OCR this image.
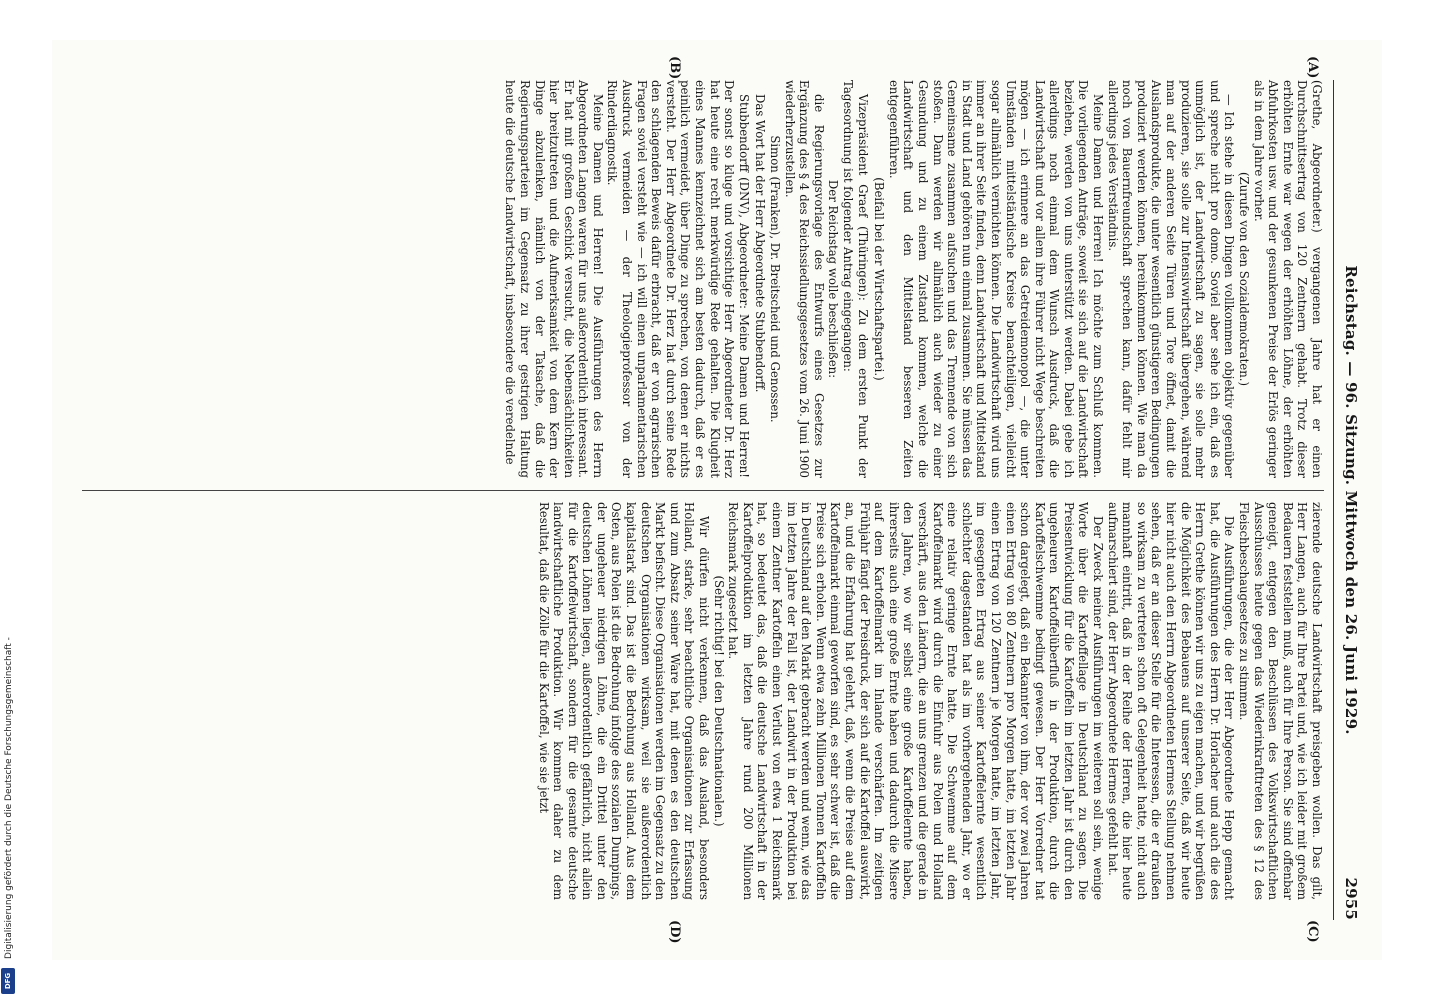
Reichstag. — 96. Sitzung. Mittwoch den 26. Juni 1929.
2955
(A)
(B)
(C)
(D)

(Grethe, Abgeordneter.) vergangenen Jahre hat er einen Durchschnittsertrag von 120 Zentnern gehabt. Trotz dieser erhöhten Ernte war wegen der erhöhten Löhne, der erhöhten Abfuhrkosten usw. und der gesunkenen Preise der Erlös geringer als in dem Jahre vorher.

(Zurufe von den Sozialdemokraten.)

— Ich stehe in diesen Dingen vollkommen objektiv gegenüber und spreche nicht pro domo. Soviel aber sehe ich ein, daß es unmöglich ist, der Landwirtschaft zu sagen, sie solle mehr produzieren, sie solle zur Intensivwirtschaft übergehen, während man auf der anderen Seite Türen und Tore öffnet, damit die Auslandsprodukte, die unter wesentlich günstigeren Bedingungen produziert werden können, hereinkommen können. Wie man da noch von Bauernfreundschaft sprechen kann, dafür fehlt mir allerdings jedes Verständnis.

Meine Damen und Herren! Ich möchte zum Schluß kommen. Die vorliegenden Anträge, soweit sie sich auf die Landwirtschaft beziehen, werden von uns unterstützt werden. Dabei gebe ich allerdings noch einmal dem Wunsch Ausdruck, daß die Landwirtschaft und vor allem ihre Führer nicht Wege beschreiten mögen — ich erinnere an das Getreidemonopol —, die unter Umständen mittelständische Kreise benachteiligen, vielleicht sogar allmählich vernichten können. Die Landwirtschaft wird uns immer an ihrer Seite finden, denn Landwirtschaft und Mittelstand in Stadt und Land gehören nun einmal zusammen. Sie müssen das Gemeinsame zusammen aufsuchen und das Trennende von sich stoßen. Dann werden wir allmählich auch wieder zu einer Gesundung und zu einem Zustand kommen, welche die Landwirtschaft und den Mittelstand besseren Zeiten entgegenführen.

(Beifall bei der Wirtschaftspartei.)

Vizepräsident Graef (Thüringen): Zu dem ersten Punkt der Tagesordnung ist folgender Antrag eingegangen:

Der Reichstag wolle beschließen:

die Regierungsvorlage des Entwurfs eines Gesetzes zur Ergänzung des § 4 des Reichssiedlungsgesetzes vom 26. Juni 1900 wiederherzustellen.

Simon (Franken), Dr. Breitscheid und Genossen.

Das Wort hat der Herr Abgeordnete Stubbendorff.

Stubbendorff (DNV), Abgeordneter: Meine Damen und Herren! Der sonst so kluge und vorsichtige Herr Abgeordneter Dr. Herz hat heute eine recht merkwürdige Rede gehalten. Die Klugheit eines Mannes kennzeichnet sich am besten dadurch, daß er es peinlich vermeidet, über Dinge zu sprechen, von denen er nichts versteht. Der Herr Abgeordnete Dr. Herz hat durch seine Rede den schlagenden Beweis dafür erbracht, daß er von agrarischen Fragen soviel versteht wie — ich will einen unparlamentarischen Ausdruck vermeiden — der Theologieprofessor von der Rinderdiagnostik.

Meine Damen und Herren! Die Ausführungen des Herrn Abgeordneten Langen waren für uns außerordentlich interessant. Er hat mit großem Geschick versucht, die Nebensächlichkeiten hier breitzutreten und die Aufmerksamkeit von dem Kern der Dinge abzulenken, nämlich von der Tatsache, daß die Regierungsparteien im Gegensatz zu ihrer gestrigen Haltung heute die deutsche Landwirtschaft, insbesondere die veredelnde

zierende deutsche Landwirtschaft preisgeben wollen. Das gilt, Herr Langen, auch für Ihre Partei und, wie ich leider mit großem Bedauern feststellen muß, auch für Ihre Person. Sie sind offenbar geneigt, entgegen den Beschlüssen des Volkswirtschaftlichen Ausschusses heute gegen das Wiederinkrafttreten des § 12 des Fleischbeschaugesetzes zu stimmen.

Die Ausführungen, die der Herr Abgeordnete Hepp gemacht hat, die Ausführungen des Herrn Dr. Horlacher und auch die des Herrn Grethe können wir uns zu eigen machen, und wir begrüßen die Möglichkeit des Bebauens auf unserer Seite, daß wir heute hier nicht auch den Herrn Abgeordneten Hermes Stellung nehmen sehen, daß er an dieser Stelle für die Interessen, die er draußen so wirksam zu vertreten schon oft Gelegenheit hatte, nicht auch mannhaft eintritt, daß in der Reihe der Herren, die hier heute aufmarschiert sind, der Herr Abgeordnete Hermes gefehlt hat.

Der Zweck meiner Ausführungen im weiteren soll sein, wenige Worte über die Kartoffellage in Deutschland zu sagen. Die Preisentwicklung für die Kartoffeln im letzten Jahr ist durch den ungeheuren Kartoffelüberfluß in der Produktion, durch die Kartoffelschwemme bedingt gewesen. Der Herr Vorredner hat schon dargelegt, daß ein Bekannter von ihm, der vor zwei Jahren einen Ertrag von 80 Zentnern pro Morgen hatte, im letzten Jahr einen Ertrag von 120 Zentnern je Morgen hatte, im letzten Jahr, im gesegneten Ertrag aus seiner Kartoffelernte wesentlich schlechter dagestanden hat als im vorhergehenden Jahr, wo er eine relativ geringe Ernte hatte. Die Schwemme auf dem Kartoffelmarkt wird durch die Einfuhr aus Polen und Holland verschärft, aus den Ländern, die an uns grenzen und die gerade in den Jahren, wo wir selbst eine große Kartoffelernte haben, ihrerseits auch eine große Ernte haben und dadurch die Misere auf dem Kartoffelmarkt im Inlande verschärfen. Im zeitigen Frühjahr fängt der Preisdruck, der sich auf die Kartoffel auswirkt, an, und die Erfahrung hat gelehrt, daß, wenn die Preise auf dem Kartoffelmarkt einmal geworfen sind, es sehr schwer ist, daß die Preise sich erholen. Wenn etwa zehn Millionen Tonnen Kartoffeln in Deutschland auf den Markt gebracht werden und wenn, wie das im letzten Jahre der Fall ist, der Landwirt in der Produktion bei einem Zentner Kartoffeln einen Verlust von etwa 1 Reichsmark hat, so bedeutet das, daß die deutsche Landwirtschaft in der Kartoffelproduktion im letzten Jahre rund 200 Millionen Reichsmark zugesetzt hat.

(Sehr richtig! bei den Deutschnationalen.)

Wir dürfen nicht verkennen, daß das Ausland, besonders Holland, starke, sehr beachtliche Organisationen zur Erfassung und zum Absatz seiner Ware hat, mit denen es den deutschen Markt befischt. Diese Organisationen werden im Gegensatz zu den deutschen Organisationen wirksam, weil sie außerordentlich kapitalstark sind. Das ist die Bedrohung aus Holland. Aus dem Osten, aus Polen ist die Bedrohung infolge des sozialen Dumpings, der ungeheuer niedrigen Löhne, die ein Drittel unter den deutschen Löhnen liegen, außerordentlich gefährlich, nicht allein für die Kartoffelwirtschaft, sondern für die gesamte deutsche landwirtschaftliche Produktion. Wir kommen daher zu dem Resultat, daß die Zölle für die Kartoffel, wie sie jetzt

Digitalisierung gefördert durch die Deutsche Forschungsgemeinschaft -
DFG
